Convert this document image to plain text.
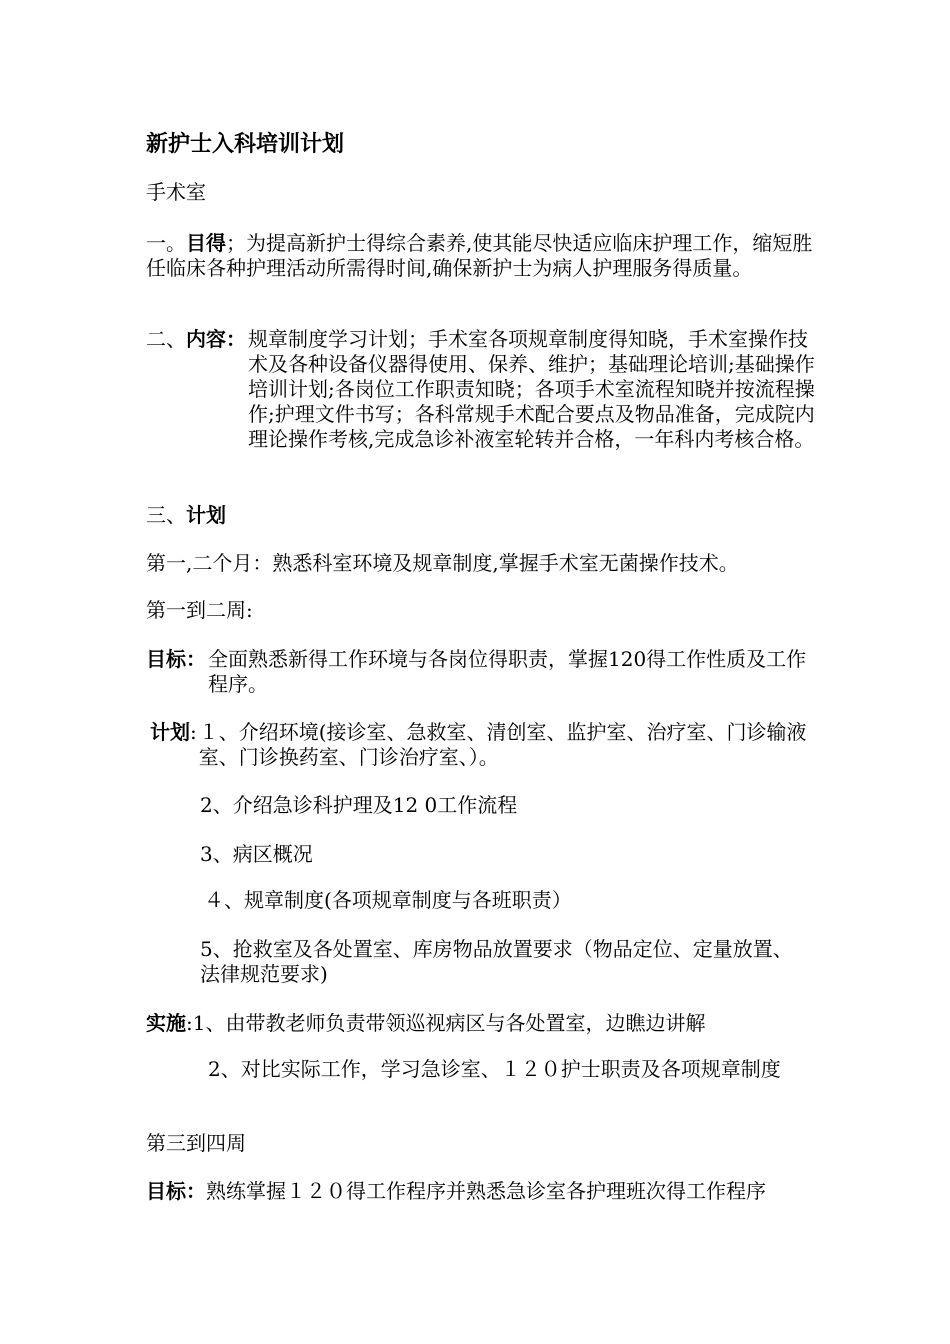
新护士入科培训计划
手术室
一。目得；为提高新护士得综合素养,使其能尽快适应临床护理工作，缩短胜任临床各种护理活动所需得时间,确保新护士为病人护理服务得质量。
二、内容： 规章制度学习计划；手术室各项规章制度得知晓，手术室操作技术及各种设备仪器得使用、保养、维护；基础理论培训;基础操作培训计划;各岗位工作职责知晓；各项手术室流程知晓并按流程操作;护理文件书写；各科常规手术配合要点及物品准备，完成院内理论操作考核,完成急诊补液室轮转并合格，一年科内考核合格。
三、计划
第一,二个月：熟悉科室环境及规章制度,掌握手术室无菌操作技术。
第一到二周:
目标： 全面熟悉新得工作环境与各岗位得职责，掌握120得工作性质及工作程序。
计划: １、介绍环境(接诊室、急救室、清创室、监护室、治疗室、门诊输液室、门诊换药室、门诊治疗室、）。
2、介绍急诊科护理及12 0工作流程
3、病区概况
４、规章制度(各项规章制度与各班职责）
5、抢救室及各处置室、库房物品放置要求（物品定位、定量放置、法律规范要求)
实施:1、由带教老师负责带领巡视病区与各处置室，边瞧边讲解
2、对比实际工作，学习急诊室、１２０护士职责及各项规章制度
第三到四周
目标：熟练掌握１２０得工作程序并熟悉急诊室各护理班次得工作程序
